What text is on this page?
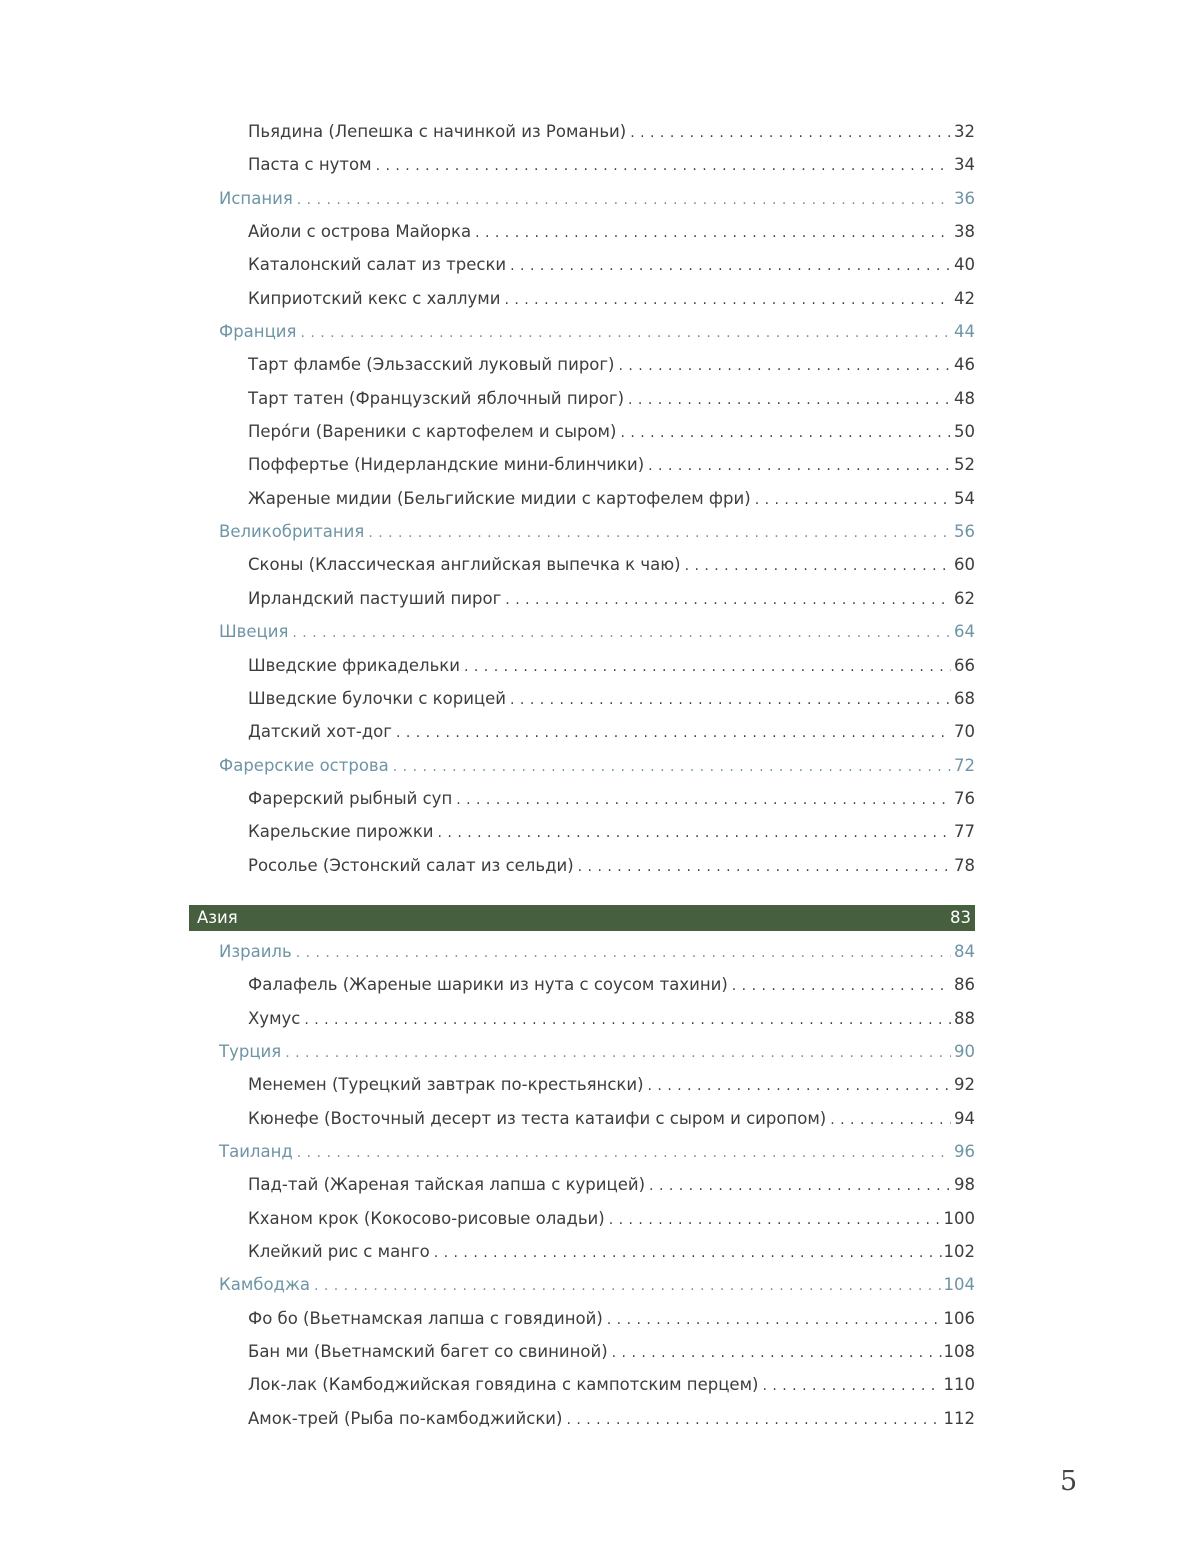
Пьядина (Лепешка с начинкой из Романьи) . . .	32
Паста с нутом . . .	34
Испания . . .	36
Айоли с острова Майорка . . .	38
Каталонский салат из трески . . .	40
Киприотский кекс с халлуми . . .	42
Франция . . .	44
Тарт фламбе (Эльзасский луковый пирог) . . .	46
Тарт татен (Французский яблочный пирог) . . .	48
Перо́ги (Вареники с картофелем и сыром) . . .	50
Поффертье (Нидерландские мини-блинчики) . . .	52
Жареные мидии (Бельгийские мидии с картофелем фри) . . .	54
Великобритания . . .	56
Сконы (Классическая английская выпечка к чаю) . . .	60
Ирландский пастуший пирог . . .	62
Швеция . . .	64
Шведские фрикадельки . . .	66
Шведские булочки с корицей . . .	68
Датский хот-дог . . .	70
Фарерские острова . . .	72
Фарерский рыбный суп . . .	76
Карельские пирожки . . .	77
Росолье (Эстонский салат из сельди) . . .	78
Азия	83
Израиль . . .	84
Фалафель (Жареные шарики из нута с соусом тахини) . . .	86
Хумус . . .	88
Турция . . .	90
Менемен (Турецкий завтрак по-крестьянски) . . .	92
Кюнефе (Восточный десерт из теста катаифи с сыром и сиропом) . . .	94
Таиланд . . .	96
Пад-тай (Жареная тайская лапша с курицей) . . .	98
Кханом крок (Кокосово-рисовые оладьи) . . .	100
Клейкий рис с манго . . .	102
Камбоджа . . .	104
Фо бо (Вьетнамская лапша с говядиной) . . .	106
Бан ми (Вьетнамский багет со свининой) . . .	108
Лок-лак (Камбоджийская говядина с кампотским перцем) . . .	110
Амок-трей (Рыба по-камбоджийски) . . .	112
5
